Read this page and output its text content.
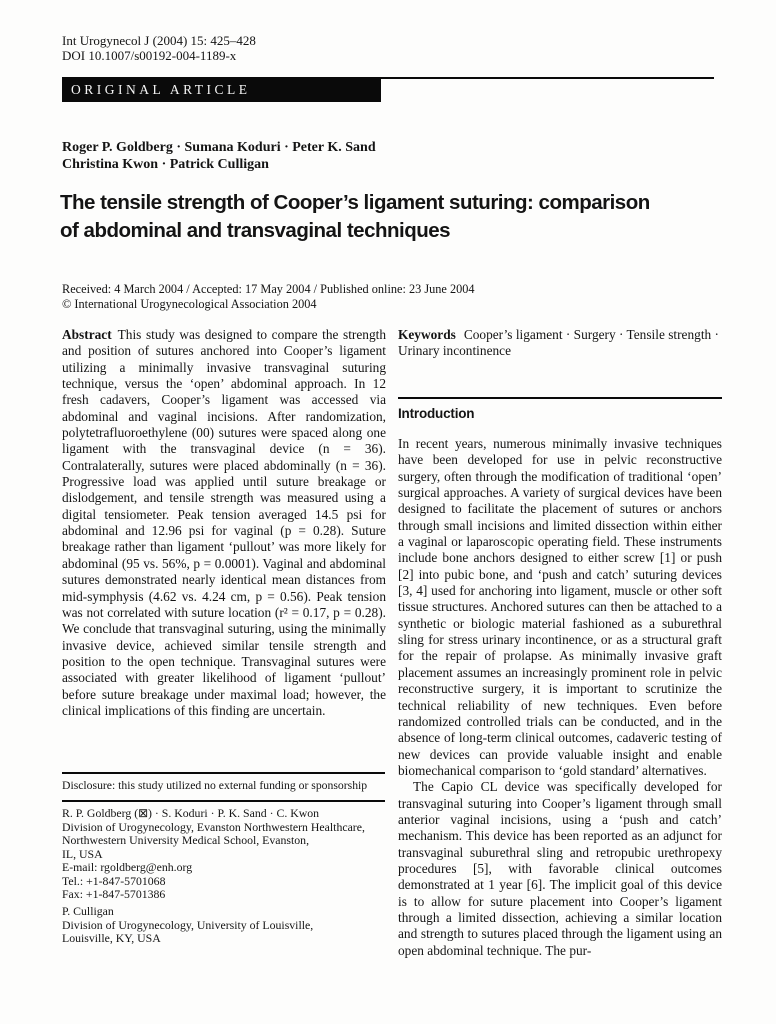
Int Urogynecol J (2004) 15: 425–428
DOI 10.1007/s00192-004-1189-x
ORIGINAL ARTICLE
Roger P. Goldberg · Sumana Koduri · Peter K. Sand
Christina Kwon · Patrick Culligan
The tensile strength of Cooper’s ligament suturing: comparison
of abdominal and transvaginal techniques
Received: 4 March 2004 / Accepted: 17 May 2004 / Published online: 23 June 2004
© International Urogynecological Association 2004
Abstract This study was designed to compare the strength and position of sutures anchored into Cooper’s ligament utilizing a minimally invasive transvaginal suturing technique, versus the ‘open’ abdominal approach. In 12 fresh cadavers, Cooper’s ligament was accessed via abdominal and vaginal incisions. After randomization, polytetrafluoroethylene (00) sutures were spaced along one ligament with the transvaginal device (n = 36). Contralaterally, sutures were placed abdominally (n = 36). Progressive load was applied until suture breakage or dislodgement, and tensile strength was measured using a digital tensiometer. Peak tension averaged 14.5 psi for abdominal and 12.96 psi for vaginal (p = 0.28). Suture breakage rather than ligament ‘pullout’ was more likely for abdominal (95 vs. 56%, p = 0.0001). Vaginal and abdominal sutures demonstrated nearly identical mean distances from mid-symphysis (4.62 vs. 4.24 cm, p = 0.56). Peak tension was not correlated with suture location (r² = 0.17, p = 0.28). We conclude that transvaginal suturing, using the minimally invasive device, achieved similar tensile strength and position to the open technique. Transvaginal sutures were associated with greater likelihood of ligament ‘pullout’ before suture breakage under maximal load; however, the clinical implications of this finding are uncertain.
Keywords Cooper’s ligament · Surgery · Tensile strength · Urinary incontinence
Introduction

In recent years, numerous minimally invasive techniques have been developed for use in pelvic reconstructive surgery, often through the modification of traditional ‘open’ surgical approaches. A variety of surgical devices have been designed to facilitate the placement of sutures or anchors through small incisions and limited dissection within either a vaginal or laparoscopic operating field. These instruments include bone anchors designed to either screw [1] or push [2] into pubic bone, and ‘push and catch’ suturing devices [3, 4] used for anchoring into ligament, muscle or other soft tissue structures. Anchored sutures can then be attached to a synthetic or biologic material fashioned as a suburethral sling for stress urinary incontinence, or as a structural graft for the repair of prolapse. As minimally invasive graft placement assumes an increasingly prominent role in pelvic reconstructive surgery, it is important to scrutinize the technical reliability of new techniques. Even before randomized controlled trials can be conducted, and in the absence of long-term clinical outcomes, cadaveric testing of new devices can provide valuable insight and enable biomechanical comparison to ‘gold standard’ alternatives.

The Capio CL device was specifically developed for transvaginal suturing into Cooper’s ligament through small anterior vaginal incisions, using a ‘push and catch’ mechanism. This device has been reported as an adjunct for transvaginal suburethral sling and retropubic urethropexy procedures [5], with favorable clinical outcomes demonstrated at 1 year [6]. The implicit goal of this device is to allow for suture placement into Cooper’s ligament through a limited dissection, achieving a similar location and strength to sutures placed through the ligament using an open abdominal technique. The pur-

Disclosure: this study utilized no external funding or sponsorship
R. P. Goldberg (⊠) · S. Koduri · P. K. Sand · C. Kwon
Division of Urogynecology, Evanston Northwestern Healthcare,
Northwestern University Medical School, Evanston,
IL, USA
E-mail: rgoldberg@enh.org
Tel.: +1-847-5701068
Fax: +1-847-5701386
P. Culligan
Division of Urogynecology, University of Louisville,
Louisville, KY, USA
